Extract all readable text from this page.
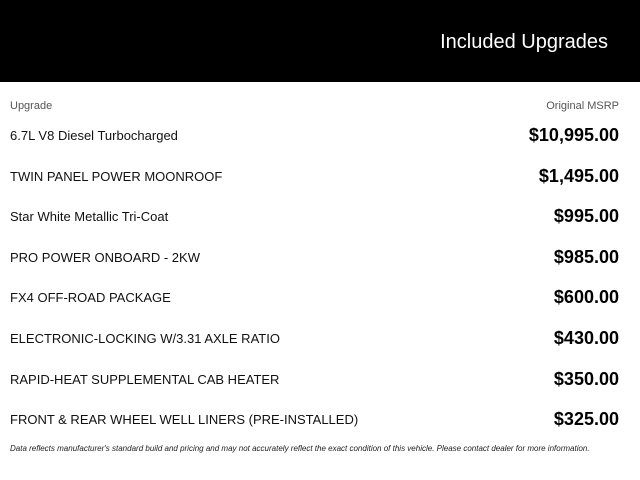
Included Upgrades
Upgrade	Original MSRP
6.7L V8 Diesel Turbocharged	$10,995.00
TWIN PANEL POWER MOONROOF	$1,495.00
Star White Metallic Tri-Coat	$995.00
PRO POWER ONBOARD - 2KW	$985.00
FX4 OFF-ROAD PACKAGE	$600.00
ELECTRONIC-LOCKING W/3.31 AXLE RATIO	$430.00
RAPID-HEAT SUPPLEMENTAL CAB HEATER	$350.00
FRONT & REAR WHEEL WELL LINERS (PRE-INSTALLED)	$325.00
Data reflects manufacturer's standard build and pricing and may not accurately reflect the exact condition of this vehicle. Please contact dealer for more information.
